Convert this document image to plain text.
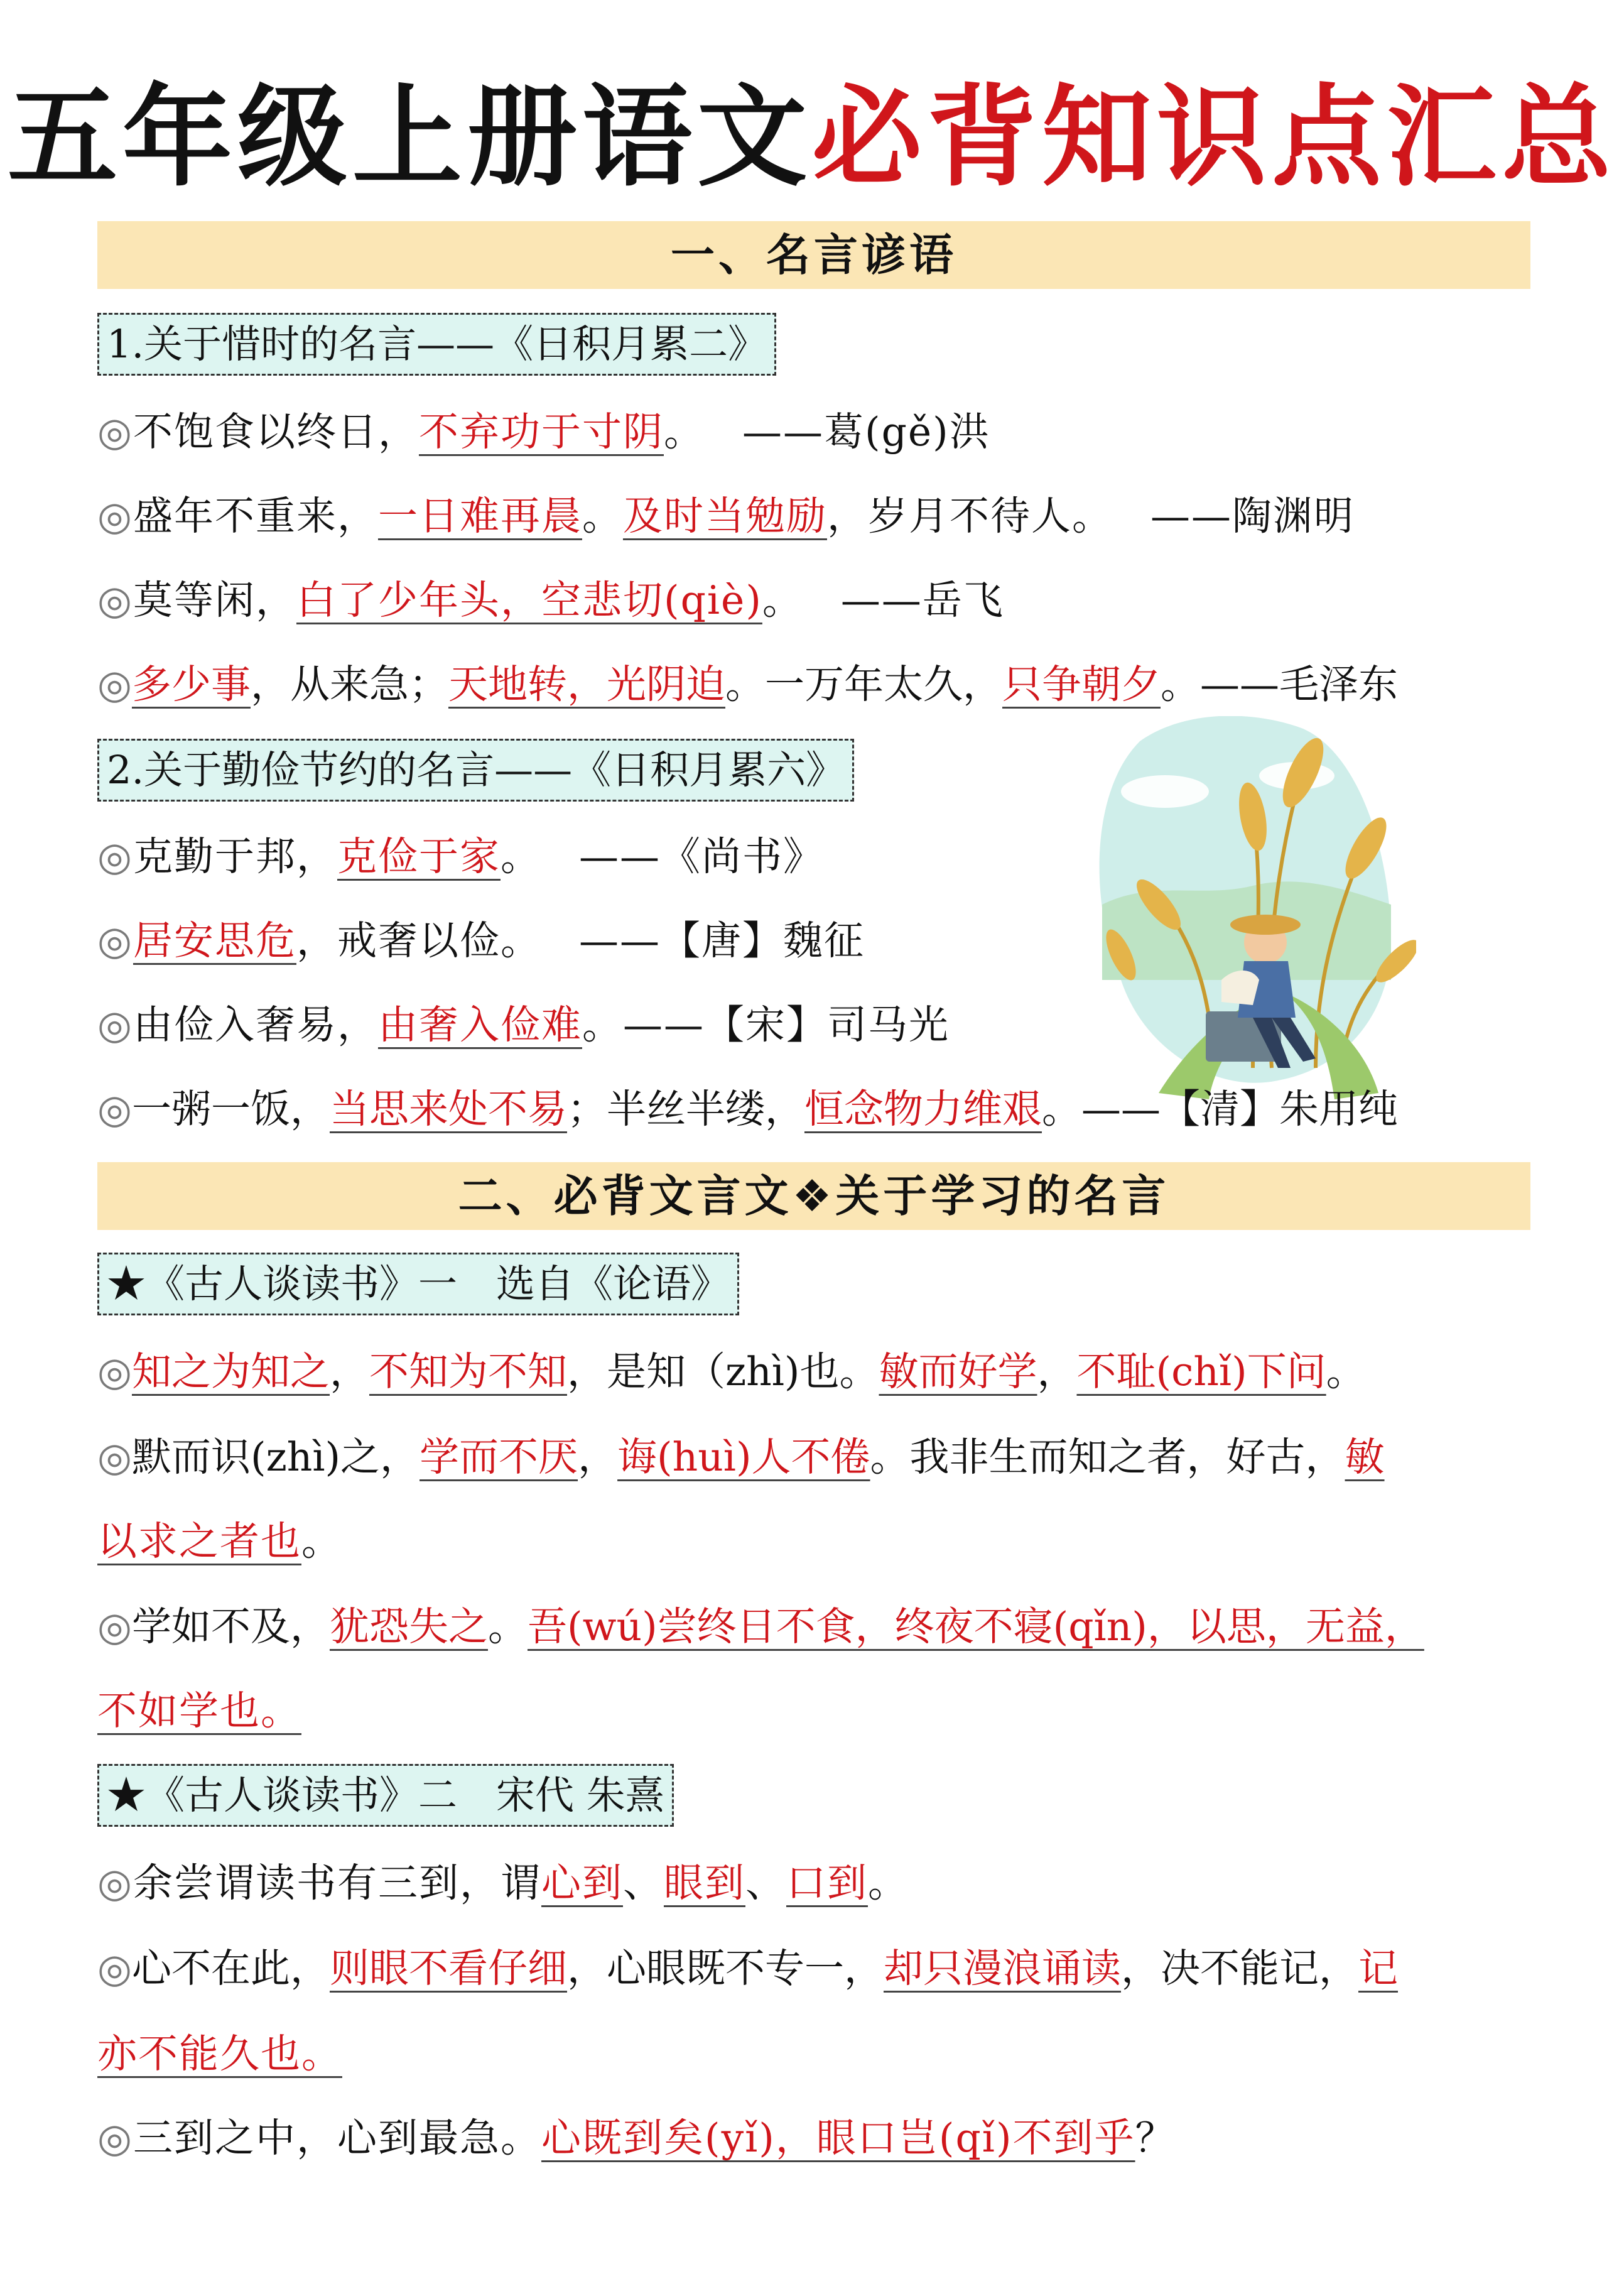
五年级上册语文必背知识点汇总
一、名言谚语
1.关于惜时的名言——《日积月累二》
◎不饱食以终日，不弃功于寸阴。 ——葛(gě)洪
◎盛年不重来，一日难再晨。及时当勉励，岁月不待人。 ——陶渊明
◎莫等闲，白了少年头，空悲切(qiè)。 ——岳飞
◎多少事，从来急；天地转，光阴迫。一万年太久，只争朝夕。——毛泽东
2.关于勤俭节约的名言——《日积月累六》
◎克勤于邦，克俭于家。 ——《尚书》
◎居安思危，戒奢以俭。 ——【唐】魏征
◎由俭入奢易，由奢入俭难。——【宋】司马光
◎一粥一饭，当思来处不易；半丝半缕，恒念物力维艰。——【清】朱用纯
二、必背文言文❖关于学习的名言
★《古人谈读书》一　选自《论语》
◎知之为知之，不知为不知，是知（zhì)也。敏而好学，不耻(chǐ)下问。
◎默而识(zhì)之，学而不厌，诲(huì)人不倦。我非生而知之者，好古，敏
以求之者也。
◎学如不及，犹恐失之。吾(wú)尝终日不食，终夜不寝(qǐn)，以思，无益，
不如学也。
★《古人谈读书》二　宋代 朱熹
◎余尝谓读书有三到，谓心到、眼到、口到。
◎心不在此，则眼不看仔细，心眼既不专一，却只漫浪诵读，决不能记，记
亦不能久也。
◎三到之中，心到最急。心既到矣(yǐ)，眼口岂(qǐ)不到乎？
